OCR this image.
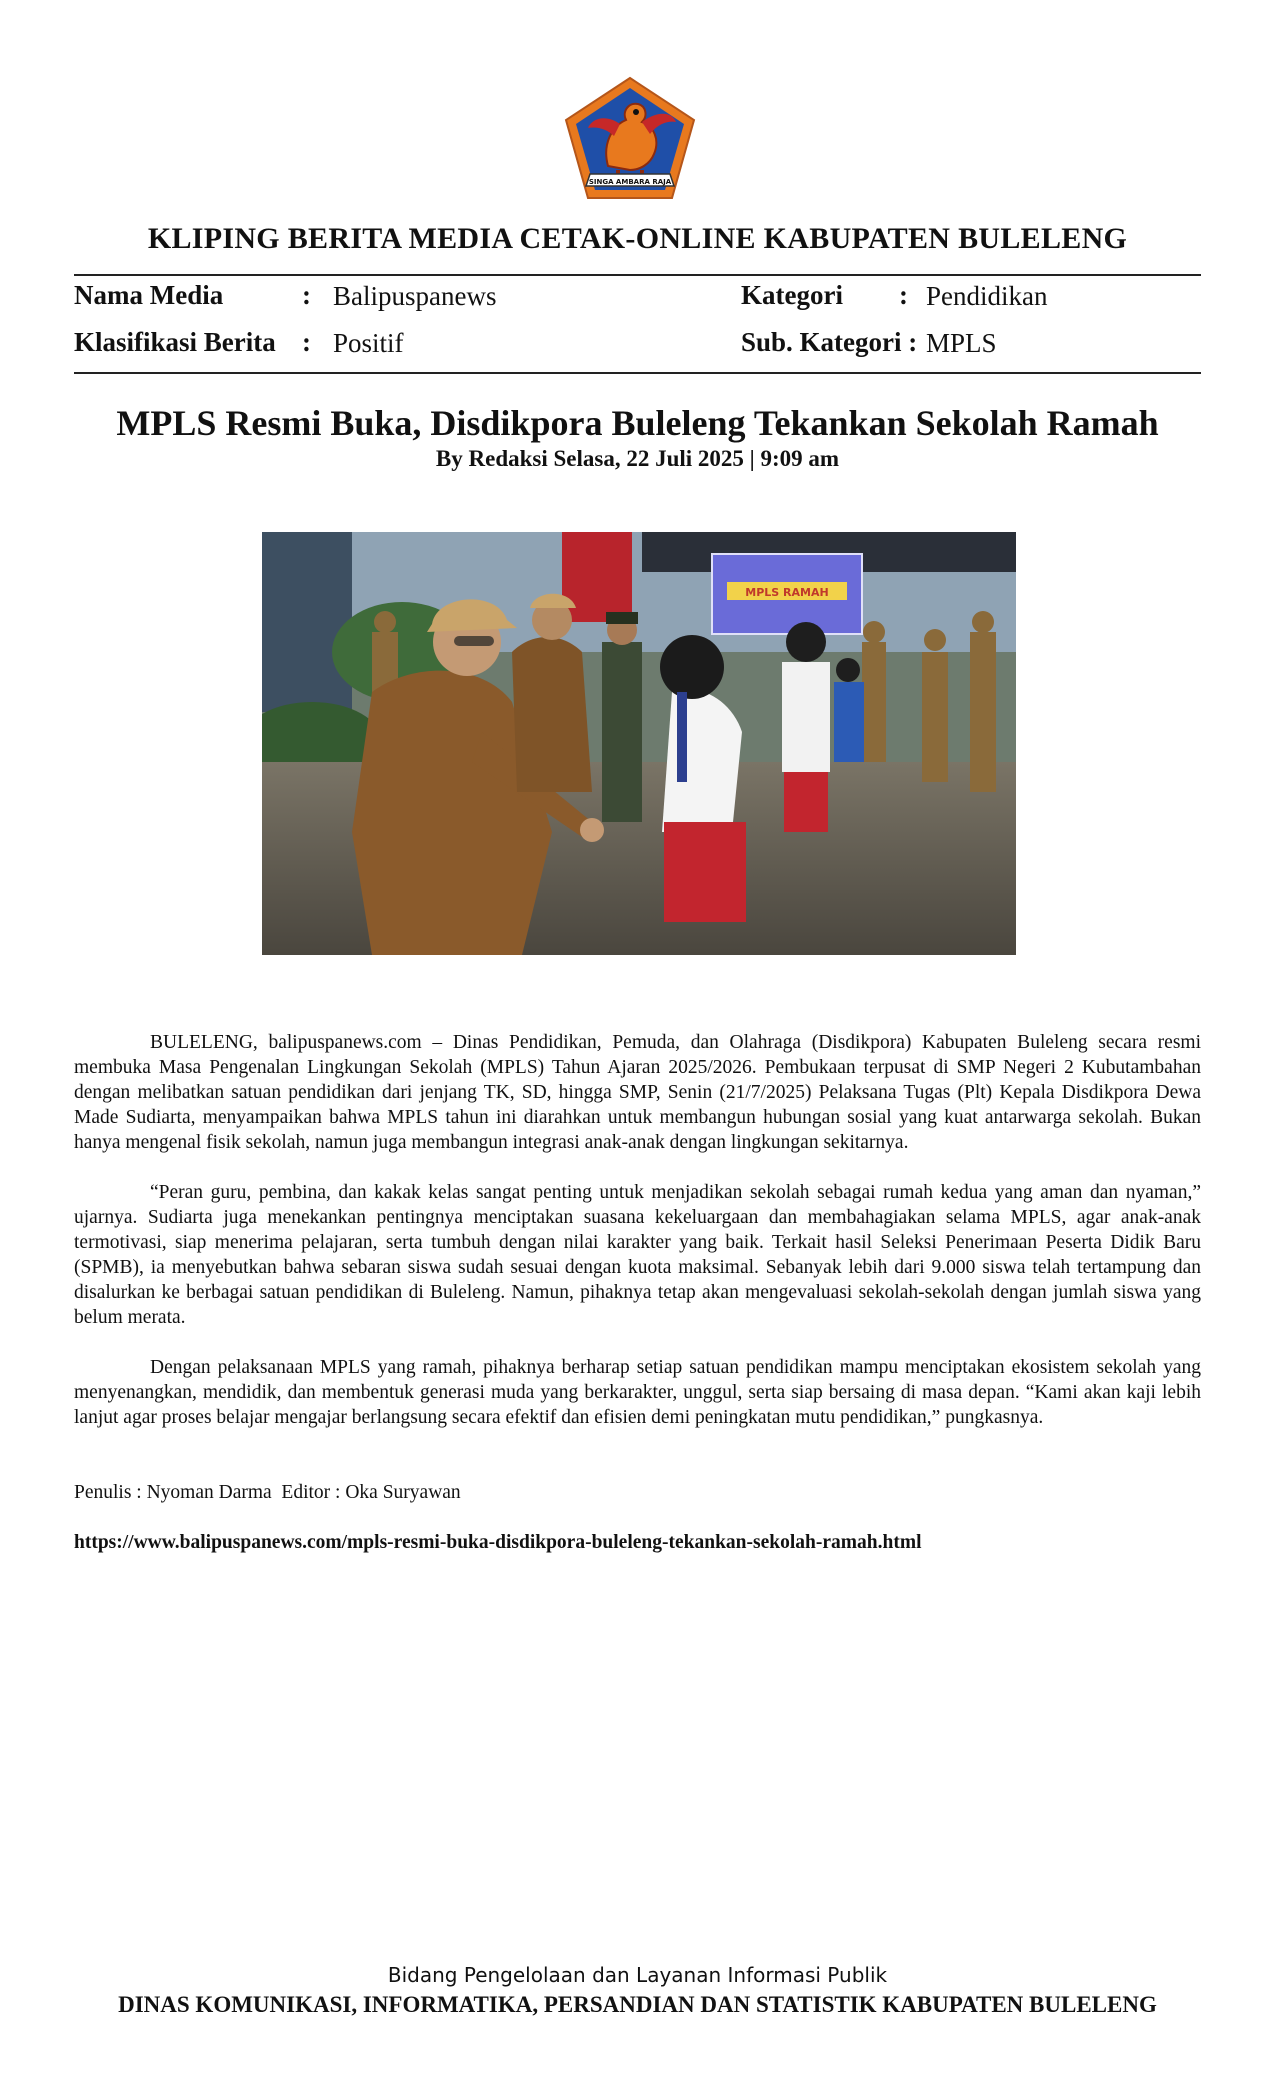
SINGA AMBARA RAJA
KLIPING BERITA MEDIA CETAK-ONLINE KABUPATEN BULELENG
Nama Media	: Balipuspanews
Klasifikasi Berita : Positif
Kategori : Pendidikan
Sub. Kategori : MPLS
MPLS Resmi Buka, Disdikpora Buleleng Tekankan Sekolah Ramah
By Redaksi Selasa, 22 Juli 2025 | 9:09 am
MPLS RAMAH

BULELENG, balipuspanews.com – Dinas Pendidikan, Pemuda, dan Olahraga (Disdikpora) Kabupaten Buleleng secara resmi membuka Masa Pengenalan Lingkungan Sekolah (MPLS) Tahun Ajaran 2025/2026. Pembukaan terpusat di SMP Negeri 2 Kubutambahan dengan melibatkan satuan pendidikan dari jenjang TK, SD, hingga SMP, Senin (21/7/2025) Pelaksana Tugas (Plt) Kepala Disdikpora Dewa Made Sudiarta, menyampaikan bahwa MPLS tahun ini diarahkan untuk membangun hubungan sosial yang kuat antarwarga sekolah. Bukan hanya mengenal fisik sekolah, namun juga membangun integrasi anak-anak dengan lingkungan sekitarnya.

“Peran guru, pembina, dan kakak kelas sangat penting untuk menjadikan sekolah sebagai rumah kedua yang aman dan nyaman,” ujarnya. Sudiarta juga menekankan pentingnya menciptakan suasana kekeluargaan dan membahagiakan selama MPLS, agar anak-anak termotivasi, siap menerima pelajaran, serta tumbuh dengan nilai karakter yang baik. Terkait hasil Seleksi Penerimaan Peserta Didik Baru (SPMB), ia menyebutkan bahwa sebaran siswa sudah sesuai dengan kuota maksimal. Sebanyak lebih dari 9.000 siswa telah tertampung dan disalurkan ke berbagai satuan pendidikan di Buleleng. Namun, pihaknya tetap akan mengevaluasi sekolah-sekolah dengan jumlah siswa yang belum merata.

Dengan pelaksanaan MPLS yang ramah, pihaknya berharap setiap satuan pendidikan mampu menciptakan ekosistem sekolah yang menyenangkan, mendidik, dan membentuk generasi muda yang berkarakter, unggul, serta siap bersaing di masa depan. “Kami akan kaji lebih lanjut agar proses belajar mengajar berlangsung secara efektif dan efisien demi peningkatan mutu pendidikan,” pungkasnya.

Penulis : Nyoman Darma  Editor : Oka Suryawan
https://www.balipuspanews.com/mpls-resmi-buka-disdikpora-buleleng-tekankan-sekolah-ramah.html
Bidang Pengelolaan dan Layanan Informasi Publik
DINAS KOMUNIKASI, INFORMATIKA, PERSANDIAN DAN STATISTIK KABUPATEN BULELENG
